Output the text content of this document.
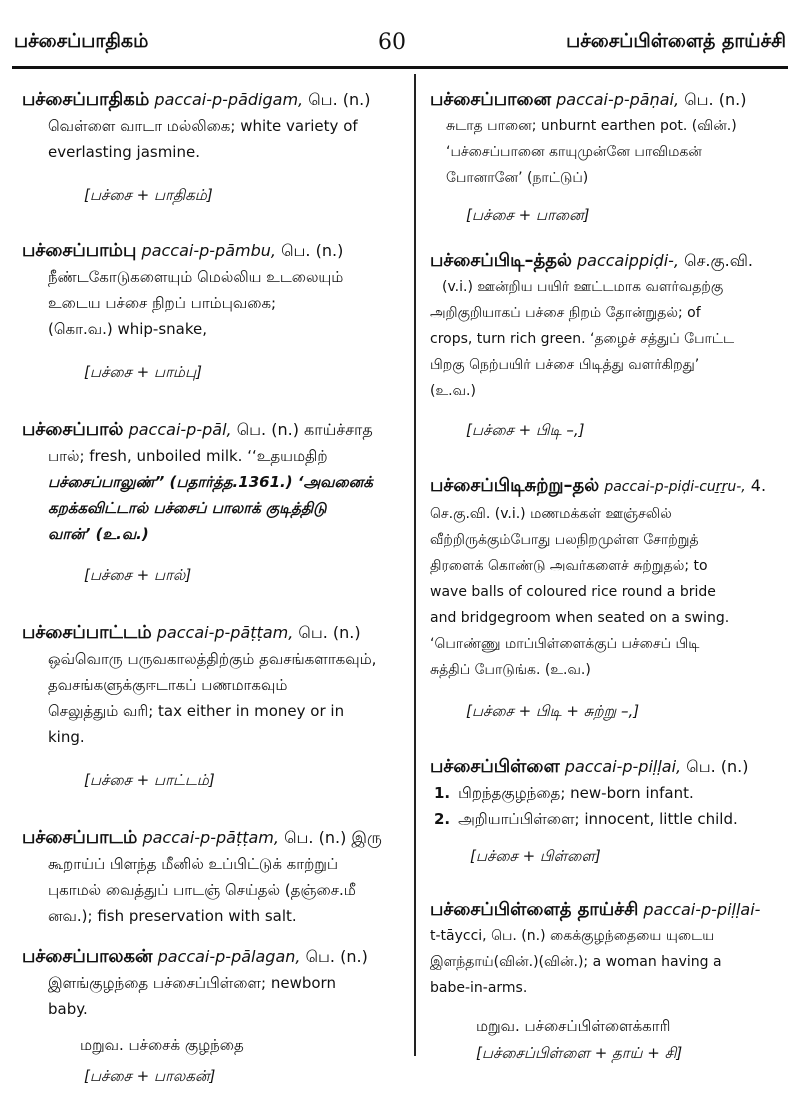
பச்சைப்பாதிகம்	60	பச்சைப்பிள்ளைத் தாய்ச்சி
பச்சைப்பாதிகம் paccai-p-pādigam, பெ. (n.)
வெள்ளை வாடா மல்லிகை; white variety of
everlasting jasmine.
[பச்சை + பாதிகம்]
பச்சைப்பாம்பு paccai-p-pāmbu, பெ. (n.)
நீண்டகோடுகளையும் மெல்லிய உடலையும்
உடைய பச்சை நிறப் பாம்புவகை;
(கொ.வ.) whip-snake,
[பச்சை + பாம்பு]
பச்சைப்பால் paccai-p-pāl, பெ. (n.) காய்ச்சாத
பால்; fresh, unboiled milk. ‘‘உதயமதிற்
பச்சைப்பாலுண்” (பதார்த்த.1361.) ‘அவனைக்
கறக்கவிட்டால் பச்சைப் பாலாக் குடித்திடு
வான்’ (உ.வ.)
[பச்சை + பால்]
பச்சைப்பாட்டம் paccai-p-pāṭṭam, பெ. (n.)
ஒவ்வொரு பருவகாலத்திற்கும் தவசங்களாகவும்,
தவசங்களுக்குஈடாகப் பணமாகவும்
செலுத்தும் வரி; tax either in money or in
king.
[பச்சை + பாட்டம்]
பச்சைப்பாடம் paccai-p-pāṭṭam, பெ. (n.) இரு
கூறாய்ப் பிளந்த மீனில் உப்பிட்டுக் காற்றுப்
புகாமல் வைத்துப் பாடஞ் செய்தல் (தஞ்சை.மீ
னவ.); fish preservation with salt.
பச்சைப்பாலகன் paccai-p-pālagan, பெ. (n.)
இளங்குழந்தை பச்சைப்பிள்ளை; newborn
baby.
மறுவ. பச்சைக் குழந்தை
[பச்சை + பாலகன்]
பச்சைப்பானை paccai-p-pāṇai, பெ. (n.)
சுடாத பானை; unburnt earthen pot. (வின்.)
‘பச்சைப்பானை காயுமுன்னே பாவிமகன்
போனானே’ (நாட்டுப்)
[பச்சை + பானை]
பச்சைப்பிடி–த்தல் paccaippiḍi-, செ.கு.வி.
(v.i.) ஊன்றிய பயிர் ஊட்டமாக வளர்வதற்கு
அறிகுறியாகப் பச்சை நிறம் தோன்றுதல்; of
crops, turn rich green. ‘தழைச் சத்துப் போட்ட
பிறகு நெற்பயிர் பச்சை பிடித்து வளர்கிறது’
(உ.வ.)
[பச்சை + பிடி –,]
பச்சைப்பிடிசுற்று–தல் paccai-p-piḍi-cuṟṟu-, 4.
செ.கு.வி. (v.i.) மணமக்கள் ஊஞ்சலில்
வீற்றிருக்கும்போது பலநிறமுள்ள சோற்றுத்
திரளைக் கொண்டு அவர்களைச் சுற்றுதல்; to
wave balls of coloured rice round a bride
and bridgegroom when seated on a swing.
‘பொண்ணு மாப்பிள்ளைக்குப் பச்சைப் பிடி
சுத்திப் போடுங்க. (உ.வ.)
[பச்சை + பிடி + சுற்று –,]
பச்சைப்பிள்ளை paccai-p-piḷḷai, பெ. (n.)
1. பிறந்தகுழந்தை; new-born infant.
2. அறியாப்பிள்ளை; innocent, little child.
[பச்சை + பிள்ளை]
பச்சைப்பிள்ளைத் தாய்ச்சி paccai-p-piḷḷai-
t-tāycci, பெ. (n.) கைக்குழந்தையை யுடைய
இளந்தாய்(வின்.)(வின்.); a woman having a
babe-in-arms.
மறுவ. பச்சைப்பிள்ளைக்காரி
[பச்சைப்பிள்ளை + தாய் + சி]
